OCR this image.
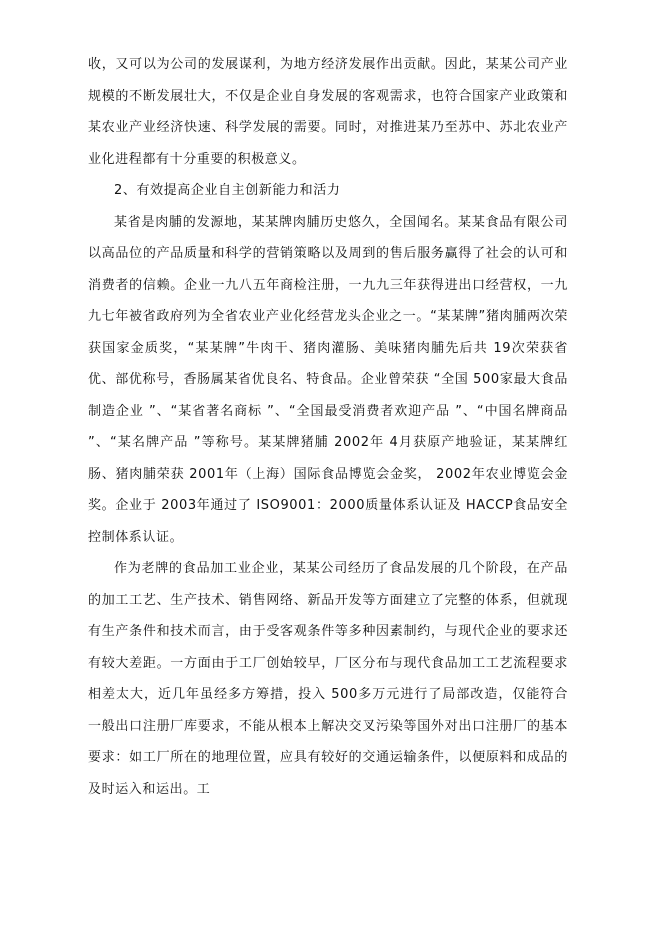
收，又可以为公司的发展谋利，为地方经济发展作出贡献。因此，某某公司产业规模的不断发展壮大，不仅是企业自身发展的客观需求，也符合国家产业政策和某农业产业经济快速、科学发展的需要。同时，对推进某乃至苏中、苏北农业产业化进程都有十分重要的积极意义。

2、有效提高企业自主创新能力和活力

某省是肉脯的发源地，某某牌肉脯历史悠久，全国闻名。某某食品有限公司以高品位的产品质量和科学的营销策略以及周到的售后服务赢得了社会的认可和消费者的信赖。企业一九八五年商检注册，一九九三年获得进出口经营权，一九九七年被省政府列为全省农业产业化经营龙头企业之一。“某某牌”猪肉脯两次荣获国家金质奖，“某某牌”牛肉干、猪肉灌肠、美味猪肉脯先后共 19次荣获省优、部优称号，香肠属某省优良名、特食品。企业曾荣获 “全国 500家最大食品制造企业 ”、“某省著名商标 ”、“全国最受消费者欢迎产品 ”、“中国名牌商品 ”、“某名牌产品 ”等称号。某某牌猪脯 2002年 4月获原产地验证，某某牌红肠、猪肉脯荣获 2001年（上海）国际食品博览会金奖， 2002年农业博览会金奖。企业于 2003年通过了 ISO9001：2000质量体系认证及 HACCP食品安全控制体系认证。

作为老牌的食品加工业企业，某某公司经历了食品发展的几个阶段，在产品的加工工艺、生产技术、销售网络、新品开发等方面建立了完整的体系，但就现有生产条件和技术而言，由于受客观条件等多种因素制约，与现代企业的要求还有较大差距。一方面由于工厂创始较早，厂区分布与现代食品加工工艺流程要求相差太大，近几年虽经多方筹措，投入 500多万元进行了局部改造，仅能符合一般出口注册厂库要求，不能从根本上解决交叉污染等国外对出口注册厂的基本要求：如工厂所在的地理位置，应具有较好的交通运输条件，以便原料和成品的及时运入和运出。工
